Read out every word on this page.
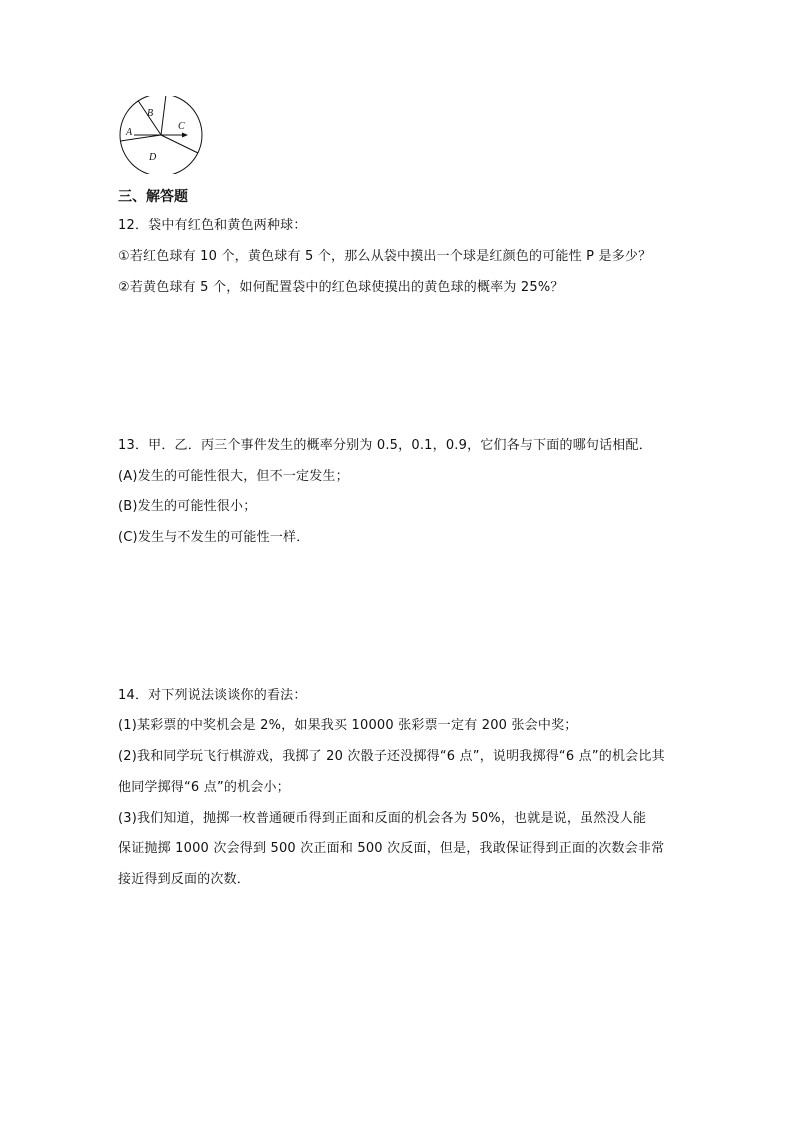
B
C
A
D
三、解答题
12．袋中有红色和黄色两种球：
①若红色球有 10 个，黄色球有 5 个，那么从袋中摸出一个球是红颜色的可能性 P 是多少？
②若黄色球有 5 个，如何配置袋中的红色球使摸出的黄色球的概率为 25%？
13．甲．乙．丙三个事件发生的概率分别为 0.5，0.1，0.9，它们各与下面的哪句话相配．
(A)发生的可能性很大，但不一定发生；
(B)发生的可能性很小；
(C)发生与不发生的可能性一样．
14．对下列说法谈谈你的看法：
(1)某彩票的中奖机会是 2%，如果我买 10000 张彩票一定有 200 张会中奖；
(2)我和同学玩飞行棋游戏，我掷了 20 次骰子还没掷得“6 点”，说明我掷得“6 点”的机会比其
他同学掷得“6 点”的机会小；
(3)我们知道，抛掷一枚普通硬币得到正面和反面的机会各为 50%，也就是说，虽然没人能
保证抛掷 1000 次会得到 500 次正面和 500 次反面，但是，我敢保证得到正面的次数会非常
接近得到反面的次数．
